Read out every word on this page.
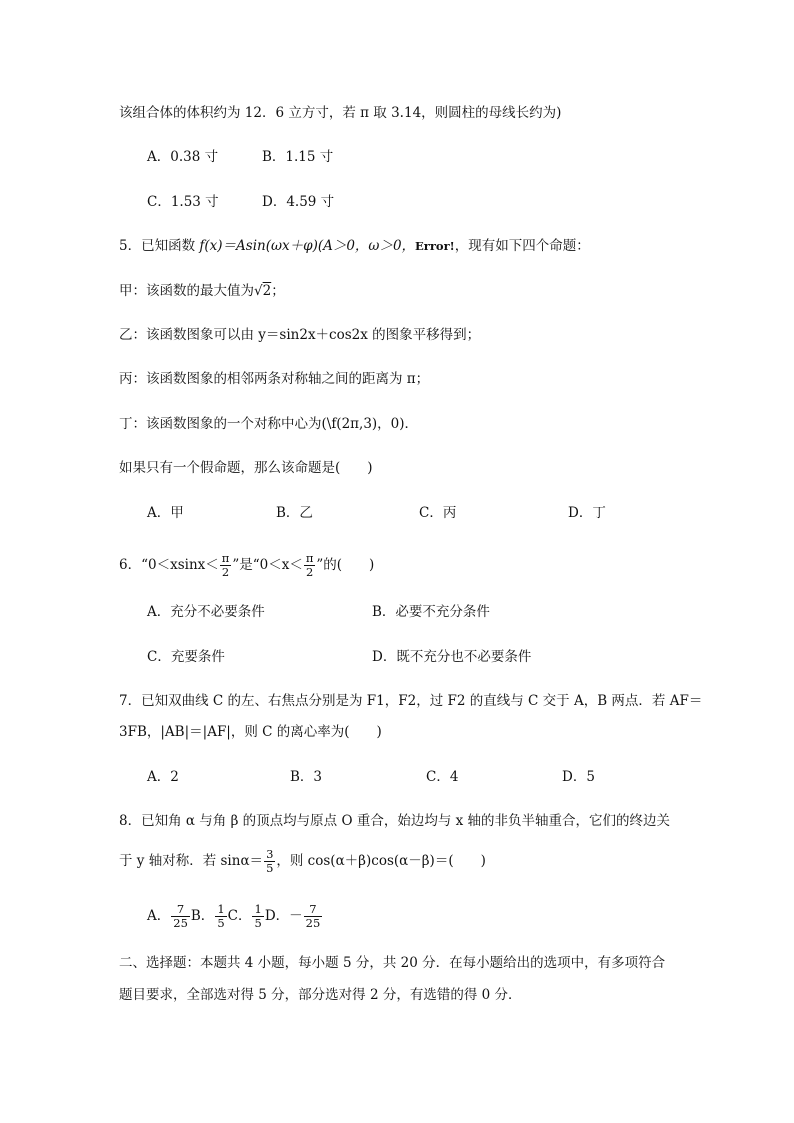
该组合体的体积约为 12．6 立方寸，若 π 取 3.14，则圆柱的母线长约为)
A．0.38 寸	B．1.15 寸
C．1.53 寸	D．4.59 寸
5．已知函数 f(x)＝Asin(ωx＋φ)(A＞0，ω＞0，Error!，现有如下四个命题：
甲：该函数的最大值为√2；
乙：该函数图象可以由 y＝sin2x＋cos2x 的图象平移得到；
丙：该函数图象的相邻两条对称轴之间的距离为 π；
丁：该函数图象的一个对称中心为(\f(2π,3)，0)．
如果只有一个假命题，那么该命题是(　　)
A．甲	B．乙	C．丙	D．丁
6．“$0<xsinx< \frac{\pi}{2}$ ”是“$0<x< \frac{\pi}{2}$ ”的(　　)
A．充分不必要条件	B．必要不充分条件
C．充要条件	D．既不充分也不必要条件
7．已知双曲线 C 的左、右焦点分别是为 F1，F2，过 F2 的直线与 C 交于 A，B 两点．若 AF＝
3FB，|AB|＝|AF|，则 C 的离心率为(　　)
A．2	B．3	C．4	D．5
8．已知角 α 与角 β 的顶点均与原点 O 重合，始边均与 x 轴的非负半轴重合，它们的终边关
于 y 轴对称．若 $\sin\alpha= \frac{3}{5}$ ，则 cos(α＋β)cos(α－β)＝(　　)
A． $\frac{7}{25}$ B． $\frac{1}{5}$ C． $\frac{1}{5}$ D．－ $\frac{7}{25}$
二、选择题：本题共 4 小题，每小题 5 分，共 20 分．在每小题给出的选项中，有多项符合
题目要求，全部选对得 5 分，部分选对得 2 分，有选错的得 0 分．
